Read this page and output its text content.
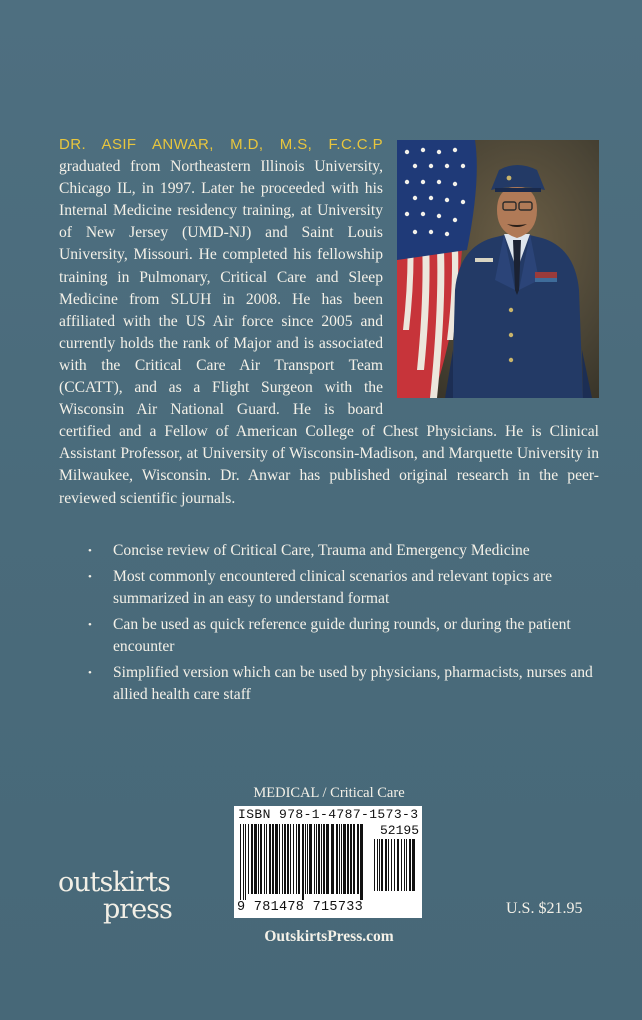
DR. ASIF ANWAR, M.D, M.S, F.C.C.P graduated from Northeastern Illinois University, Chicago IL, in 1997. Later he proceeded with his Internal Medicine residency training, at University of New Jersey (UMD-NJ) and Saint Louis University, Missouri. He completed his fellowship training in Pulmonary, Critical Care and Sleep Medicine from SLUH in 2008. He has been affiliated with the US Air force since 2005 and currently holds the rank of Major and is associated with the Critical Care Air Transport Team (CCATT), and as a Flight Surgeon with the Wisconsin Air National Guard. He is board certified and a Fellow of American College of Chest Physicians. He is Clinical Assistant Professor, at University of Wisconsin-Madison, and Marquette University in Milwaukee, Wisconsin. Dr. Anwar has published original research in the peer-reviewed scientific journals.
• Concise review of Critical Care, Trauma and Emergency Medicine
• Most commonly encountered clinical scenarios and relevant topics are summarized in an easy to understand format
• Can be used as quick reference guide during rounds, or during the patient encounter
• Simplified version which can be used by physicians, pharmacists, nurses and allied health care staff
MEDICAL / Critical Care
ISBN 978-1-4787-1573-3
52195
9 781478 715733
outskirts
press
OutskirtsPress.com
U.S. $21.95
